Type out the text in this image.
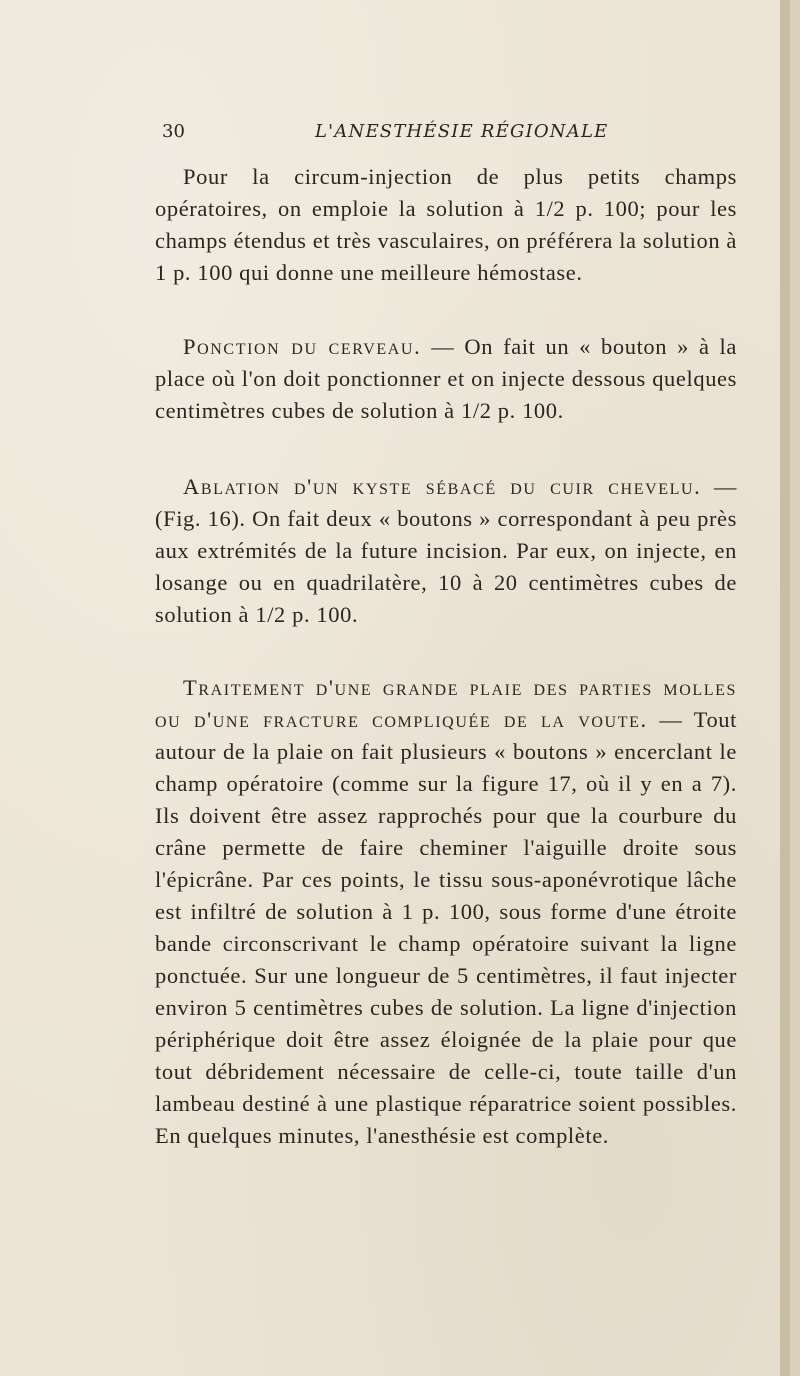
30	L'ANESTHÉSIE RÉGIONALE

Pour la circum-injection de plus petits champs opératoires, on emploie la solution à 1/2 p. 100; pour les champs étendus et très vasculaires, on préférera la solution à 1 p. 100 qui donne une meilleure hémostase.

Ponction du cerveau. — On fait un « bouton » à la place où l'on doit ponctionner et on injecte dessous quelques centimètres cubes de solution à 1/2 p. 100.

Ablation d'un kyste sébacé du cuir chevelu. — (Fig. 16). On fait deux « boutons » correspondant à peu près aux extrémités de la future incision. Par eux, on injecte, en losange ou en quadrilatère, 10 à 20 centimètres cubes de solution à 1/2 p. 100.

Traitement d'une grande plaie des parties molles ou d'une fracture compliquée de la voute. — Tout autour de la plaie on fait plusieurs « boutons » encerclant le champ opératoire (comme sur la figure 17, où il y en a 7). Ils doivent être assez rapprochés pour que la courbure du crâne permette de faire cheminer l'aiguille droite sous l'épicrâne. Par ces points, le tissu sous-aponévrotique lâche est infiltré de solution à 1 p. 100, sous forme d'une étroite bande circonscrivant le champ opératoire suivant la ligne ponctuée. Sur une longueur de 5 centimètres, il faut injecter environ 5 centimètres cubes de solution. La ligne d'injection périphérique doit être assez éloignée de la plaie pour que tout débridement nécessaire de celle-ci, toute taille d'un lambeau destiné à une plastique réparatrice soient possibles. En quelques minutes, l'anesthésie est complète.
